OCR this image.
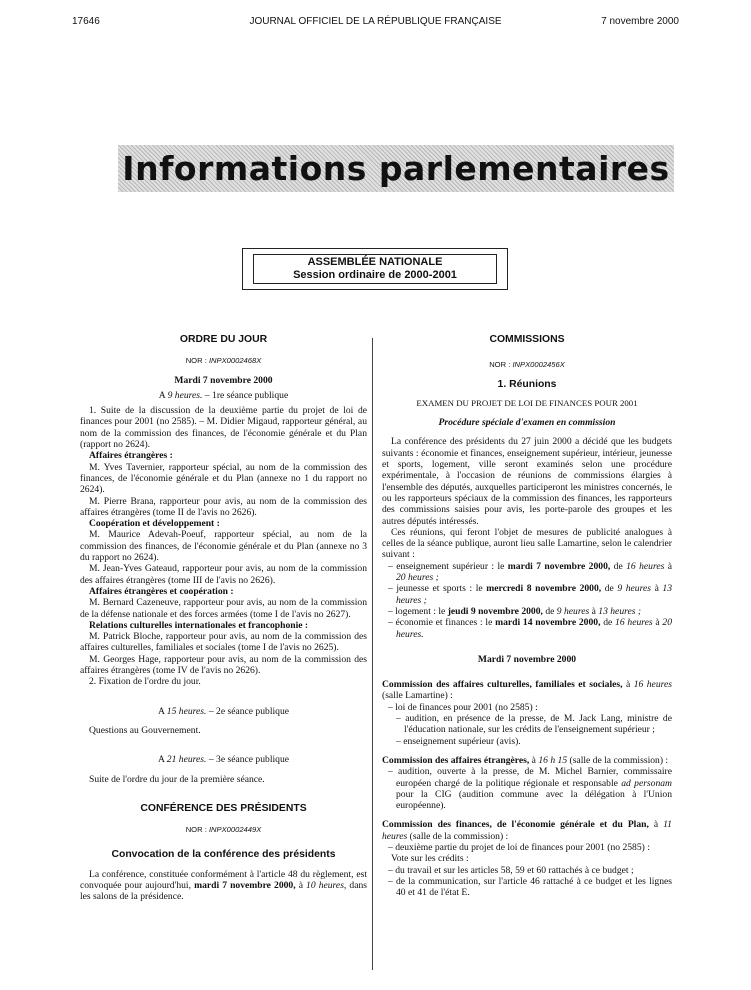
17646	JOURNAL OFFICIEL DE LA RÉPUBLIQUE FRANÇAISE	7 novembre 2000
Informations parlementaires
ASSEMBLÉE NATIONALE
Session ordinaire de 2000-2001

ORDRE DU JOUR

NOR : INPX0002468X

Mardi 7 novembre 2000

A 9 heures. – 1re séance publique

1. Suite de la discussion de la deuxième partie du projet de loi de finances pour 2001 (no 2585). – M. Didier Migaud, rapporteur général, au nom de la commission des finances, de l'économie générale et du Plan (rapport no 2624).

Affaires étrangères :

M. Yves Tavernier, rapporteur spécial, au nom de la commission des finances, de l'économie générale et du Plan (annexe no 1 du rapport no 2624).

M. Pierre Brana, rapporteur pour avis, au nom de la commission des affaires étrangères (tome II de l'avis no 2626).

Coopération et développement :

M. Maurice Adevah-Poeuf, rapporteur spécial, au nom de la commission des finances, de l'économie générale et du Plan (annexe no 3 du rapport no 2624).

M. Jean-Yves Gateaud, rapporteur pour avis, au nom de la commission des affaires étrangères (tome III de l'avis no 2626).

Affaires étrangères et coopération :

M. Bernard Cazeneuve, rapporteur pour avis, au nom de la commission de la défense nationale et des forces armées (tome I de l'avis no 2627).

Relations culturelles internationales et francophonie :

M. Patrick Bloche, rapporteur pour avis, au nom de la commission des affaires culturelles, familiales et sociales (tome I de l'avis no 2625).

M. Georges Hage, rapporteur pour avis, au nom de la commission des affaires étrangères (tome IV de l'avis no 2626).

2. Fixation de l'ordre du jour.

A 15 heures. – 2e séance publique

Questions au Gouvernement.

A 21 heures. – 3e séance publique

Suite de l'ordre du jour de la première séance.

CONFÉRENCE DES PRÉSIDENTS

NOR : INPX0002449X

Convocation de la conférence des présidents

La conférence, constituée conformément à l'article 48 du règlement, est convoquée pour aujourd'hui, mardi 7 novembre 2000, à 10 heures, dans les salons de la présidence.

COMMISSIONS

NOR : INPX0002456X

1. Réunions

EXAMEN DU PROJET DE LOI DE FINANCES POUR 2001

Procédure spéciale d'examen en commission

La conférence des présidents du 27 juin 2000 a décidé que les budgets suivants : économie et finances, enseignement supérieur, intérieur, jeunesse et sports, logement, ville seront examinés selon une procédure expérimentale, à l'occasion de réunions de commissions élargies à l'ensemble des députés, auxquelles participeront les ministres concernés, le ou les rapporteurs spéciaux de la commission des finances, les rapporteurs des commissions saisies pour avis, les porte-parole des groupes et les autres députés intéressés.

Ces réunions, qui feront l'objet de mesures de publicité analogues à celles de la séance publique, auront lieu salle Lamartine, selon le calendrier suivant :

– enseignement supérieur : le mardi 7 novembre 2000, de 16 heures à 20 heures ;

– jeunesse et sports : le mercredi 8 novembre 2000, de 9 heures à 13 heures ;

– logement : le jeudi 9 novembre 2000, de 9 heures à 13 heures ;

– économie et finances : le mardi 14 novembre 2000, de 16 heures à 20 heures.

Mardi 7 novembre 2000

Commission des affaires culturelles, familiales et sociales, à 16 heures (salle Lamartine) :

– loi de finances pour 2001 (no 2585) :

– audition, en présence de la presse, de M. Jack Lang, ministre de l'éducation nationale, sur les crédits de l'enseignement supérieur ;

– enseignement supérieur (avis).

Commission des affaires étrangères, à 16 h 15 (salle de la commission) :

– audition, ouverte à la presse, de M. Michel Barnier, commissaire européen chargé de la politique régionale et responsable ad personam pour la CIG (audition commune avec la délégation à l'Union européenne).

Commission des finances, de l'économie générale et du Plan, à 11 heures (salle de la commission) :

– deuxième partie du projet de loi de finances pour 2001 (no 2585) :

Vote sur les crédits :

– du travail et sur les articles 58, 59 et 60 rattachés à ce budget ;

– de la communication, sur l'article 46 rattaché à ce budget et les lignes 40 et 41 de l'état E.
